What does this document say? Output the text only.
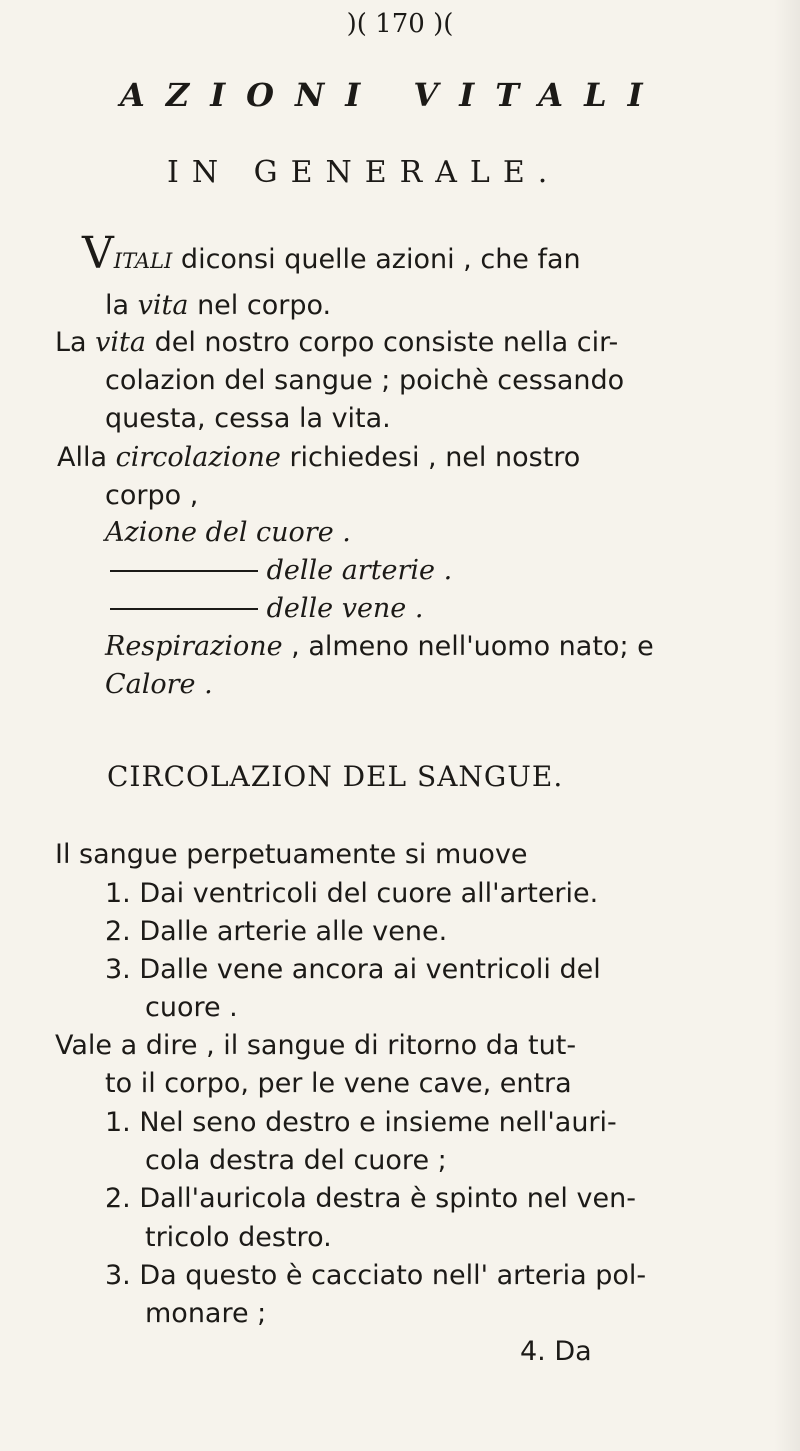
)( 170 )(
AZIONI VITALI
IN GENERALE.
VITALI diconsi quelle azioni , che fan
la vita nel corpo.
La vita del nostro corpo consiste nella cir-
colazion del sangue ; poichè cessando
questa, cessa la vita.
Alla circolazione richiedesi , nel nostro
corpo ,
Azione del cuore .
delle arterie .
delle vene .
Respirazione , almeno nell'uomo nato; e
Calore .
CIRCOLAZION DEL SANGUE.
Il sangue perpetuamente si muove
1. Dai ventricoli del cuore all'arterie.
2. Dalle arterie alle vene.
3. Dalle vene ancora ai ventricoli del
cuore .
Vale a dire , il sangue di ritorno da tut-
to il corpo, per le vene cave, entra
1. Nel seno destro e insieme nell'auri-
cola destra del cuore ;
2. Dall'auricola destra è spinto nel ven-
tricolo destro.
3. Da questo è cacciato nell' arteria pol-
monare ;
4. Da
